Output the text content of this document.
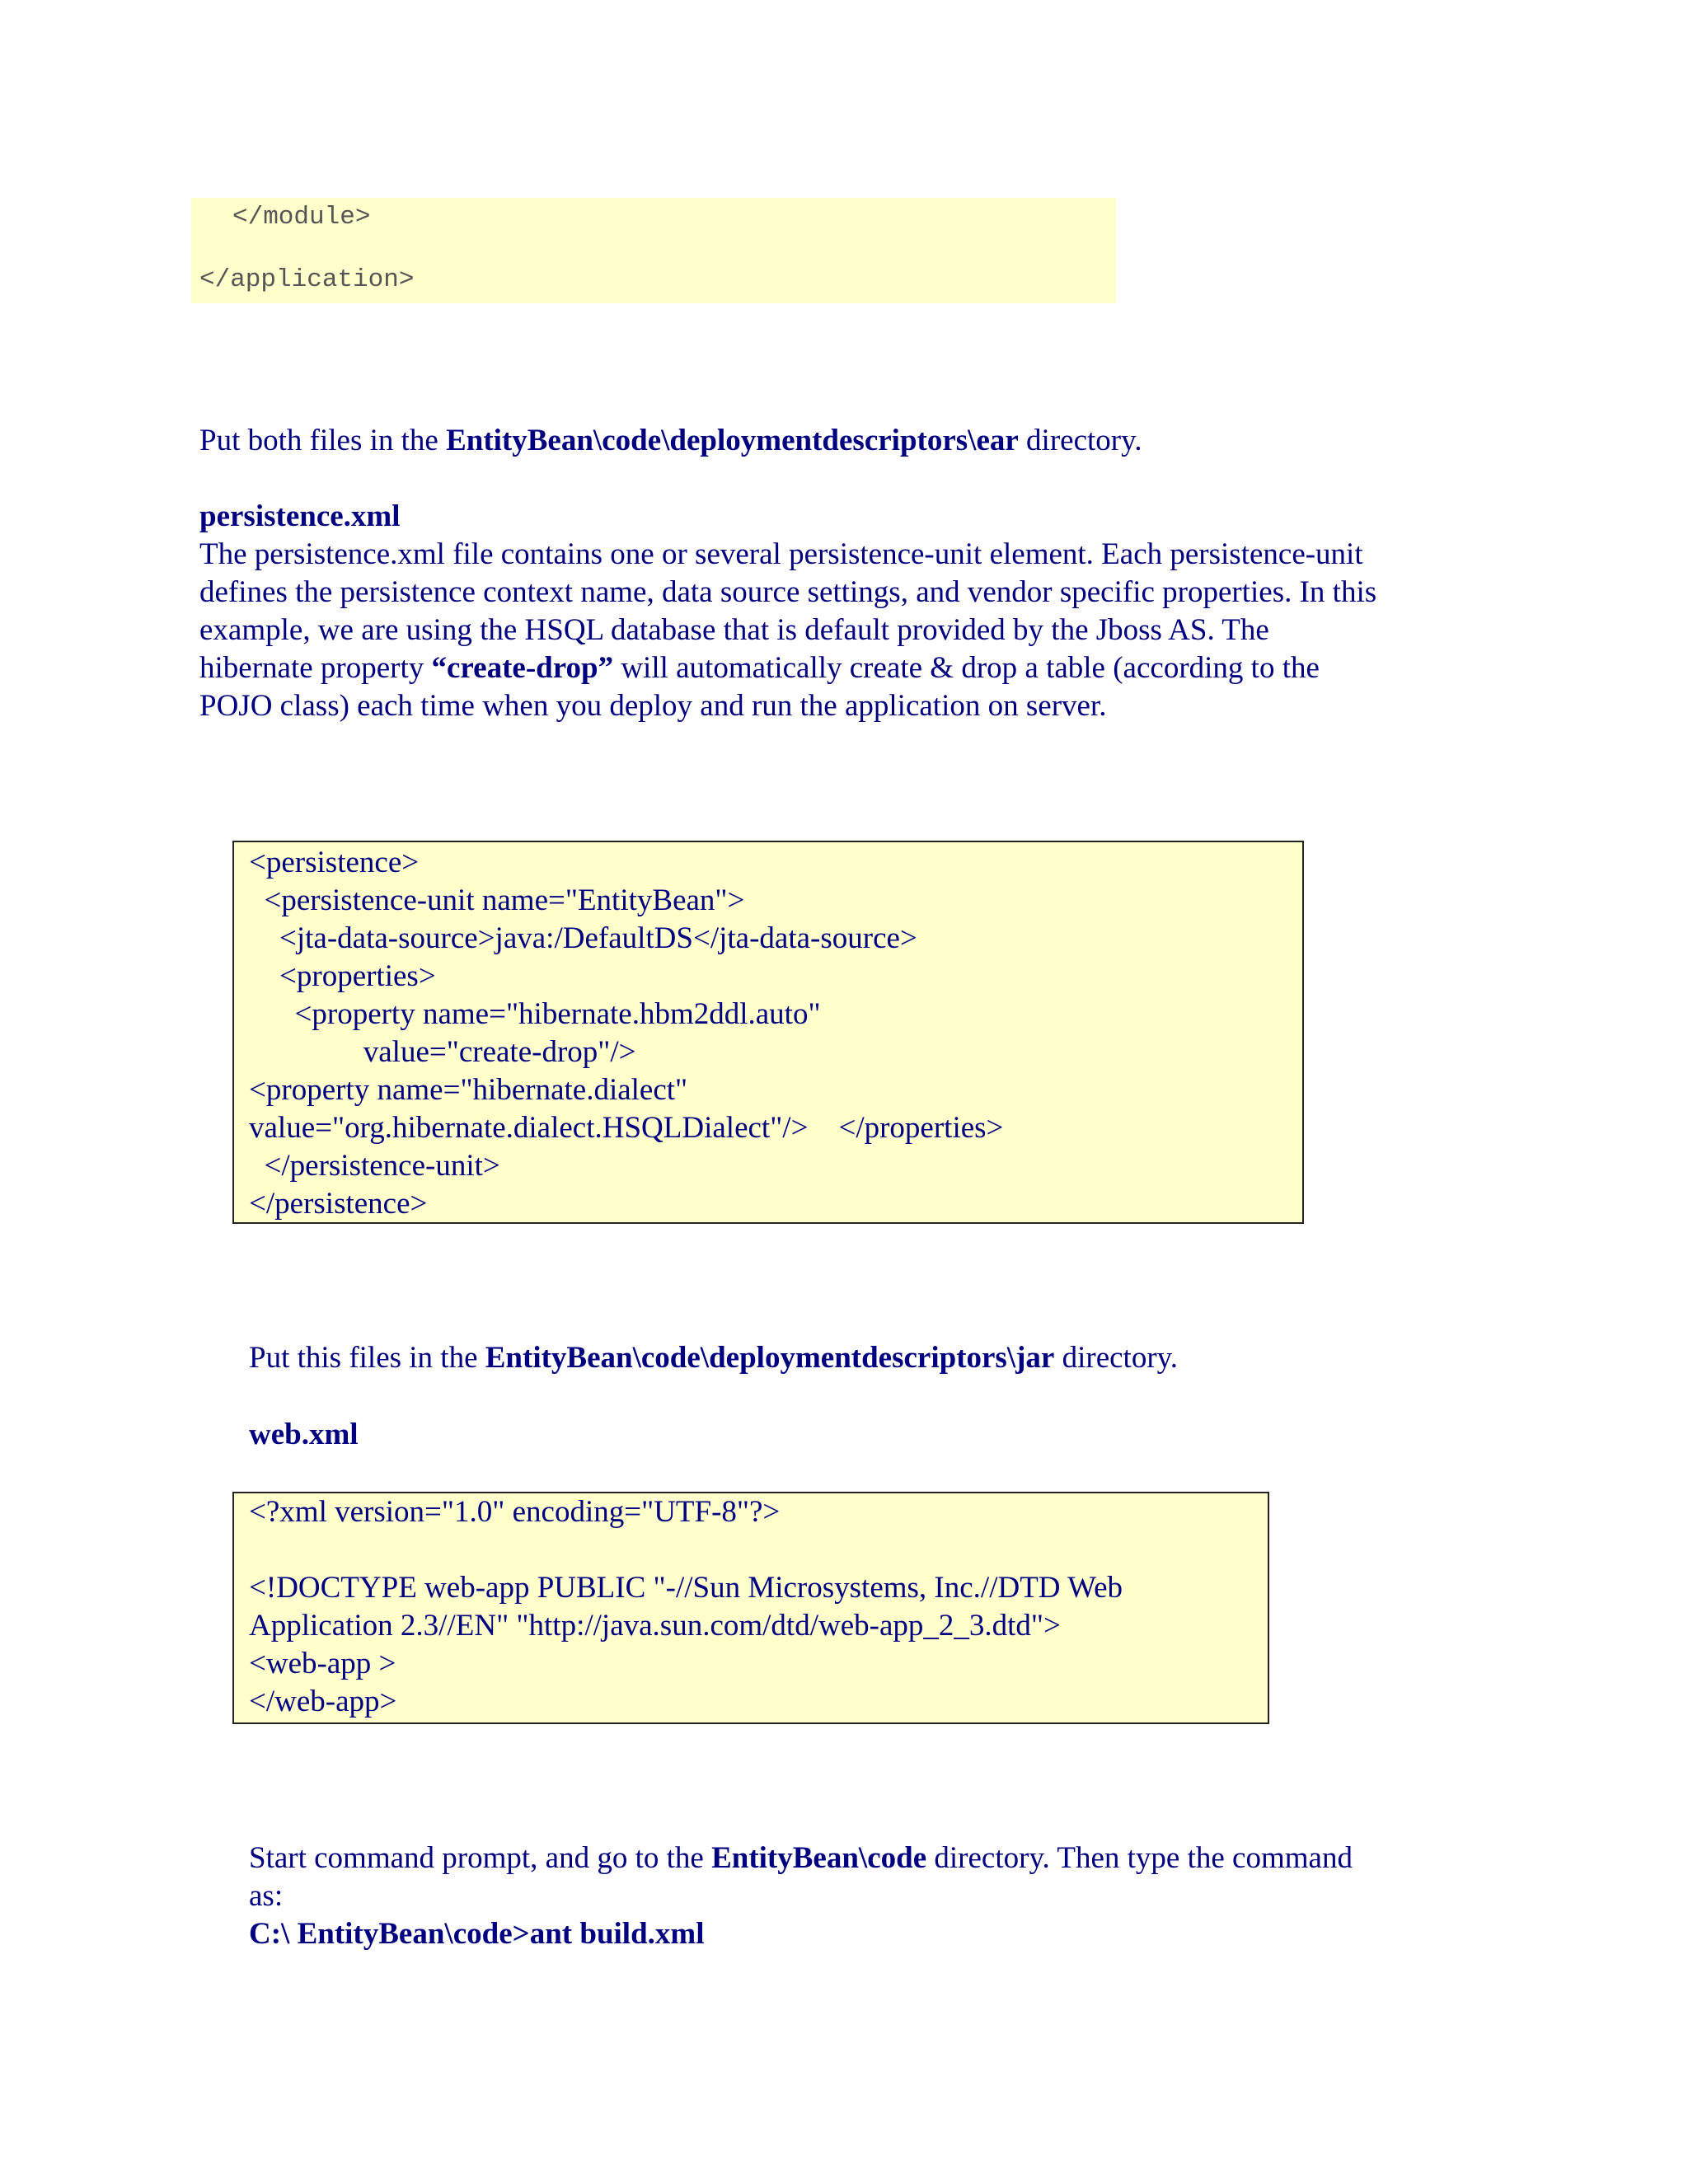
</module>
</application>
Put both files in the EntityBean\code\deploymentdescriptors\ear directory.
persistence.xml
The persistence.xml file contains one or several persistence-unit element. Each persistence-unit
defines the persistence context name, data source settings, and vendor specific properties. In this
example, we are using the HSQL database that is default provided by the Jboss AS. The
hibernate property “create-drop” will automatically create & drop a table (according to the
POJO class) each time when you deploy and run the application on server.
<persistence>
<persistence-unit name="EntityBean">
<jta-data-source>java:/DefaultDS</jta-data-source>
<properties>
<property name="hibernate.hbm2ddl.auto"
value="create-drop"/>
<property name="hibernate.dialect"
value="org.hibernate.dialect.HSQLDialect"/>    </properties>
</persistence-unit>
</persistence>
Put this files in the EntityBean\code\deploymentdescriptors\jar directory.
web.xml
<?xml version="1.0" encoding="UTF-8"?>
<!DOCTYPE web-app PUBLIC "-//Sun Microsystems, Inc.//DTD Web
Application 2.3//EN" "http://java.sun.com/dtd/web-app_2_3.dtd">
<web-app >
</web-app>
Start command prompt, and go to the EntityBean\code directory. Then type the command
as:
C:\ EntityBean\code>ant build.xml
